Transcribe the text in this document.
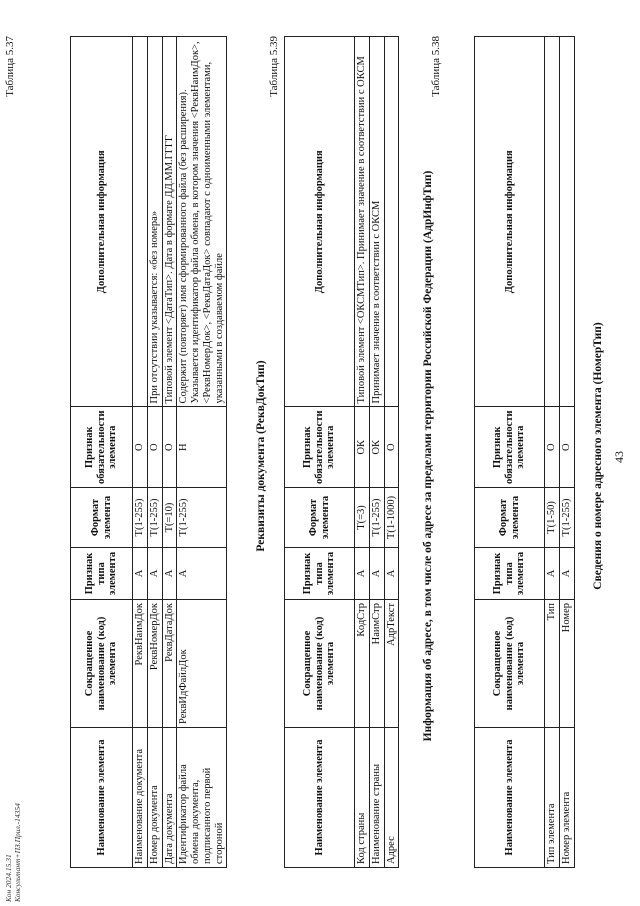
43
Таблица 5.37
Сведения о номере адресного элемента (НомерТип)
Наименование элемента	Сокращенное наименование (код) элемента	Признак типа элемента	Формат элемента	Признак обязательности элемента	Дополнительная информация
Тип элемента	Тип	А	T(1-50)	О	
Номер элемента	Номер	А	T(1-255)	О	
Таблица 5.38
Информация об адресе, в том числе об адресе за пределами территории Российской Федерации (АдрИнфТип)
Наименование элемента	Сокращенное наименование (код) элемента	Признак типа элемента	Формат элемента	Признак обязательности элемента	Дополнительная информация
Код страны	КодСтр	А	T(=3)	ОК	Типовой элемент <ОКСМТип>. Принимает значение в соответствии с ОКСМ
Наименование страны	НаимСтр	А	T(1-255)	ОК	Принимает значение в соответствии с ОКСМ
Адрес	АдрТекст	А	T(1-1000)	О	
Таблица 5.39
Реквизиты документа (РеквДокТип)
Наименование элемента	Сокращенное наименование (код) элемента	Признак типа элемента	Формат элемента	Признак обязательности элемента	Дополнительная информация
Наименование документа	РеквНаимДок	А	T(1-255)	О	
Номер документа	РеквНомерДок	А	T(1-255)	О	При отсутствии указывается: «без номера»
Дата документа	РеквДатаДок	А	T(=10)	О	Типовой элемент <ДатаТип>. Дата в формате ДД.ММ.ГГГГ
Идентификатор файла обмена документа, подписанного первой стороной	РеквИдФайлДок	А	T(1-255)	Н	Содержит (повторяет) имя сформированного файла (без расширения). Указывается идентификатор файла обмена, в котором значения <РеквНаимДок>, <РеквНомерДок>, <РеквДатаДок> совпадают с одноименными элементами, указанными в создаваемом файле
Кон 2024.15.31 Консультант+ПЗ.Прил.-14354
